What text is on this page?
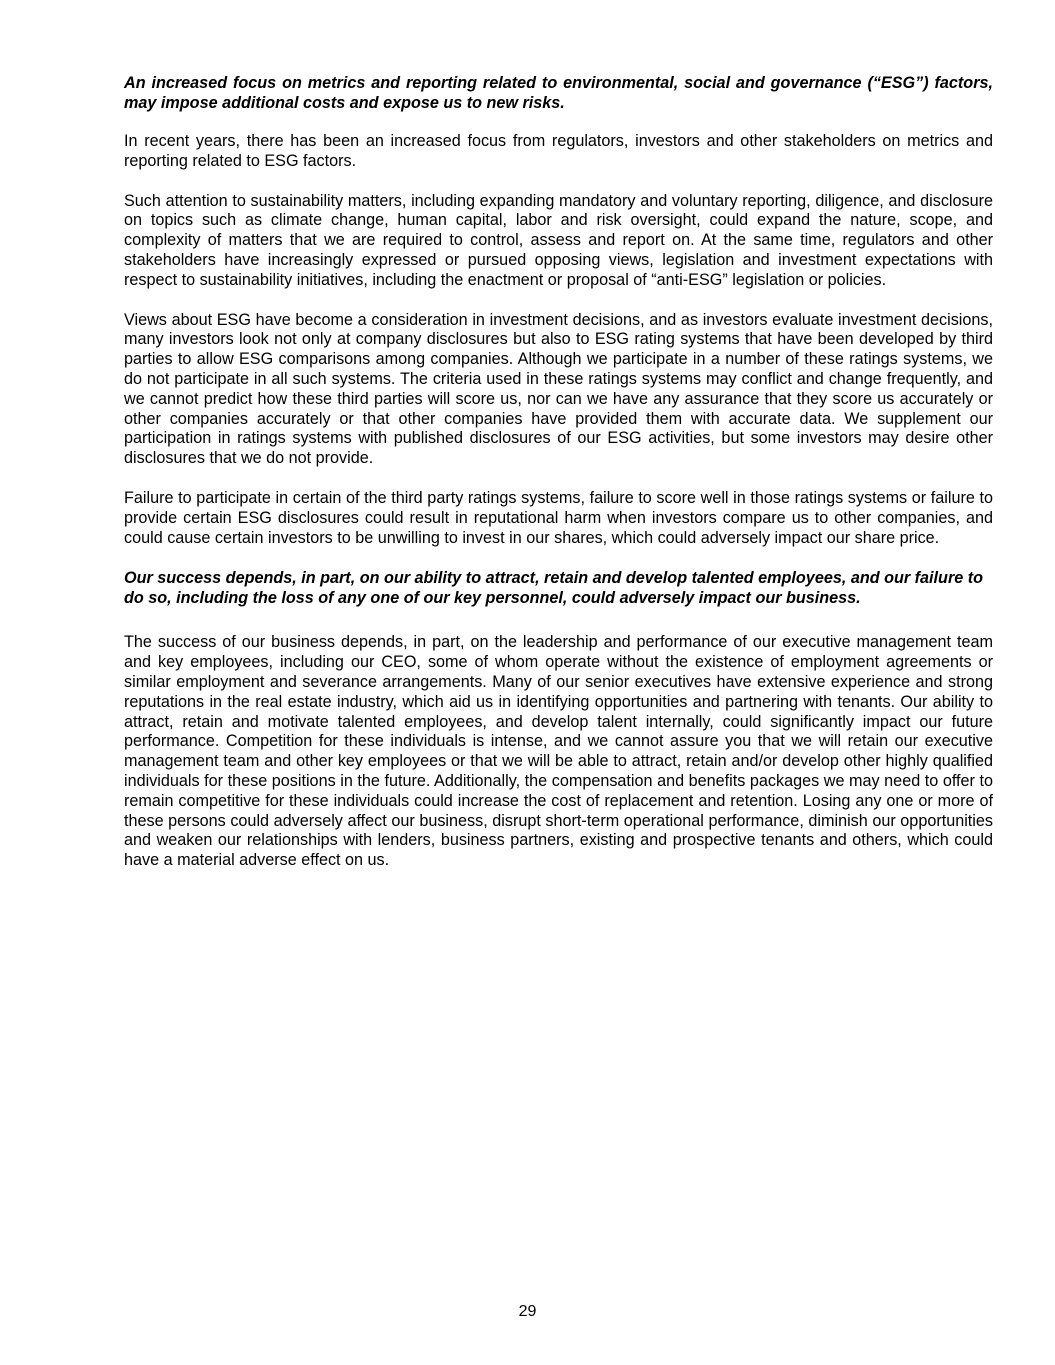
An increased focus on metrics and reporting related to environmental, social and governance (“ESG”) factors, may impose additional costs and expose us to new risks.

In recent years, there has been an increased focus from regulators, investors and other stakeholders on metrics and reporting related to ESG factors.

Such attention to sustainability matters, including expanding mandatory and voluntary reporting, diligence, and disclosure on topics such as climate change, human capital, labor and risk oversight, could expand the nature, scope, and complexity of matters that we are required to control, assess and report on. At the same time, regulators and other stakeholders have increasingly expressed or pursued opposing views, legislation and investment expectations with respect to sustainability initiatives, including the enactment or proposal of “anti-ESG” legislation or policies.

Views about ESG have become a consideration in investment decisions, and as investors evaluate investment decisions, many investors look not only at company disclosures but also to ESG rating systems that have been developed by third parties to allow ESG comparisons among companies. Although we participate in a number of these ratings systems, we do not participate in all such systems. The criteria used in these ratings systems may conflict and change frequently, and we cannot predict how these third parties will score us, nor can we have any assurance that they score us accurately or other companies accurately or that other companies have provided them with accurate data. We supplement our participation in ratings systems with published disclosures of our ESG activities, but some investors may desire other disclosures that we do not provide.

Failure to participate in certain of the third party ratings systems, failure to score well in those ratings systems or failure to provide certain ESG disclosures could result in reputational harm when investors compare us to other companies, and could cause certain investors to be unwilling to invest in our shares, which could adversely impact our share price.

Our success depends, in part, on our ability to attract, retain and develop talented employees, and our failure to do so, including the loss of any one of our key personnel, could adversely impact our business.

The success of our business depends, in part, on the leadership and performance of our executive management team and key employees, including our CEO, some of whom operate without the existence of employment agreements or similar employment and severance arrangements. Many of our senior executives have extensive experience and strong reputations in the real estate industry, which aid us in identifying opportunities and partnering with tenants. Our ability to attract, retain and motivate talented employees, and develop talent internally, could significantly impact our future performance. Competition for these individuals is intense, and we cannot assure you that we will retain our executive management team and other key employees or that we will be able to attract, retain and/or develop other highly qualified individuals for these positions in the future. Additionally, the compensation and benefits packages we may need to offer to remain competitive for these individuals could increase the cost of replacement and retention. Losing any one or more of these persons could adversely affect our business, disrupt short-term operational performance, diminish our opportunities and weaken our relationships with lenders, business partners, existing and prospective tenants and others, which could have a material adverse effect on us.

29
